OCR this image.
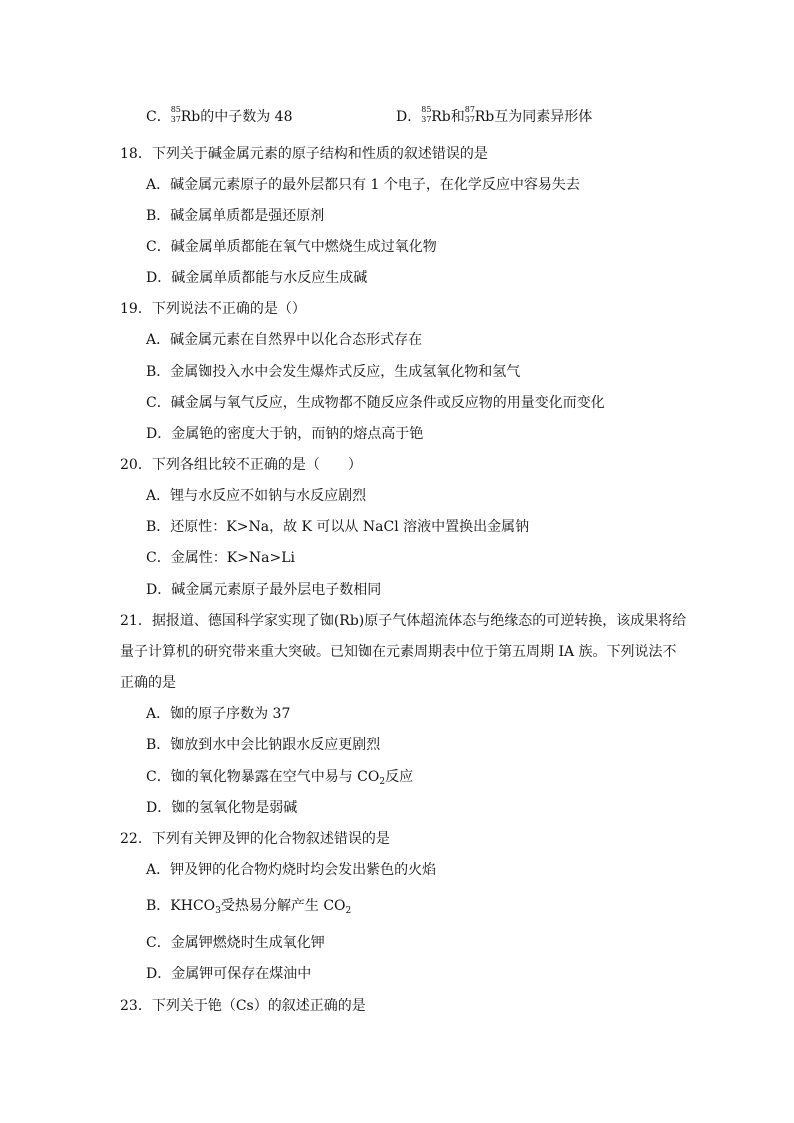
C． 85
37 Rb的中子数为 48	D． 85
37 Rb和 87
37 Rb互为同素异形体
18．下列关于碱金属元素的原子结构和性质的叙述错误的是
A．碱金属元素原子的最外层都只有 1 个电子，在化学反应中容易失去
B．碱金属单质都是强还原剂
C．碱金属单质都能在氧气中燃烧生成过氧化物
D．碱金属单质都能与水反应生成碱
19．下列说法不正确的是（）
A．碱金属元素在自然界中以化合态形式存在
B．金属铷投入水中会发生爆炸式反应，生成氢氧化物和氢气
C．碱金属与氧气反应，生成物都不随反应条件或反应物的用量变化而变化
D．金属铯的密度大于钠，而钠的熔点高于铯
20．下列各组比较不正确的是（　　）
A．锂与水反应不如钠与水反应剧烈
B．还原性：K>Na，故 K 可以从 NaCl 溶液中置换出金属钠
C．金属性：K>Na>Li
D．碱金属元素原子最外层电子数相同
21．据报道、德国科学家实现了铷(Rb)原子气体超流体态与绝缘态的可逆转换，该成果将给
量子计算机的研究带来重大突破。已知铷在元素周期表中位于第五周期 IA 族。下列说法不
正确的是
A．铷的原子序数为 37
B．铷放到水中会比钠跟水反应更剧烈
C．铷的氧化物暴露在空气中易与 $CO_2$反应
D．铷的氢氧化物是弱碱
22．下列有关钾及钾的化合物叙述错误的是
A．钾及钾的化合物灼烧时均会发出紫色的火焰
B．$KHCO_3$受热易分解产生 $CO_2$
C．金属钾燃烧时生成氧化钾
D．金属钾可保存在煤油中
23．下列关于铯（Cs）的叙述正确的是
